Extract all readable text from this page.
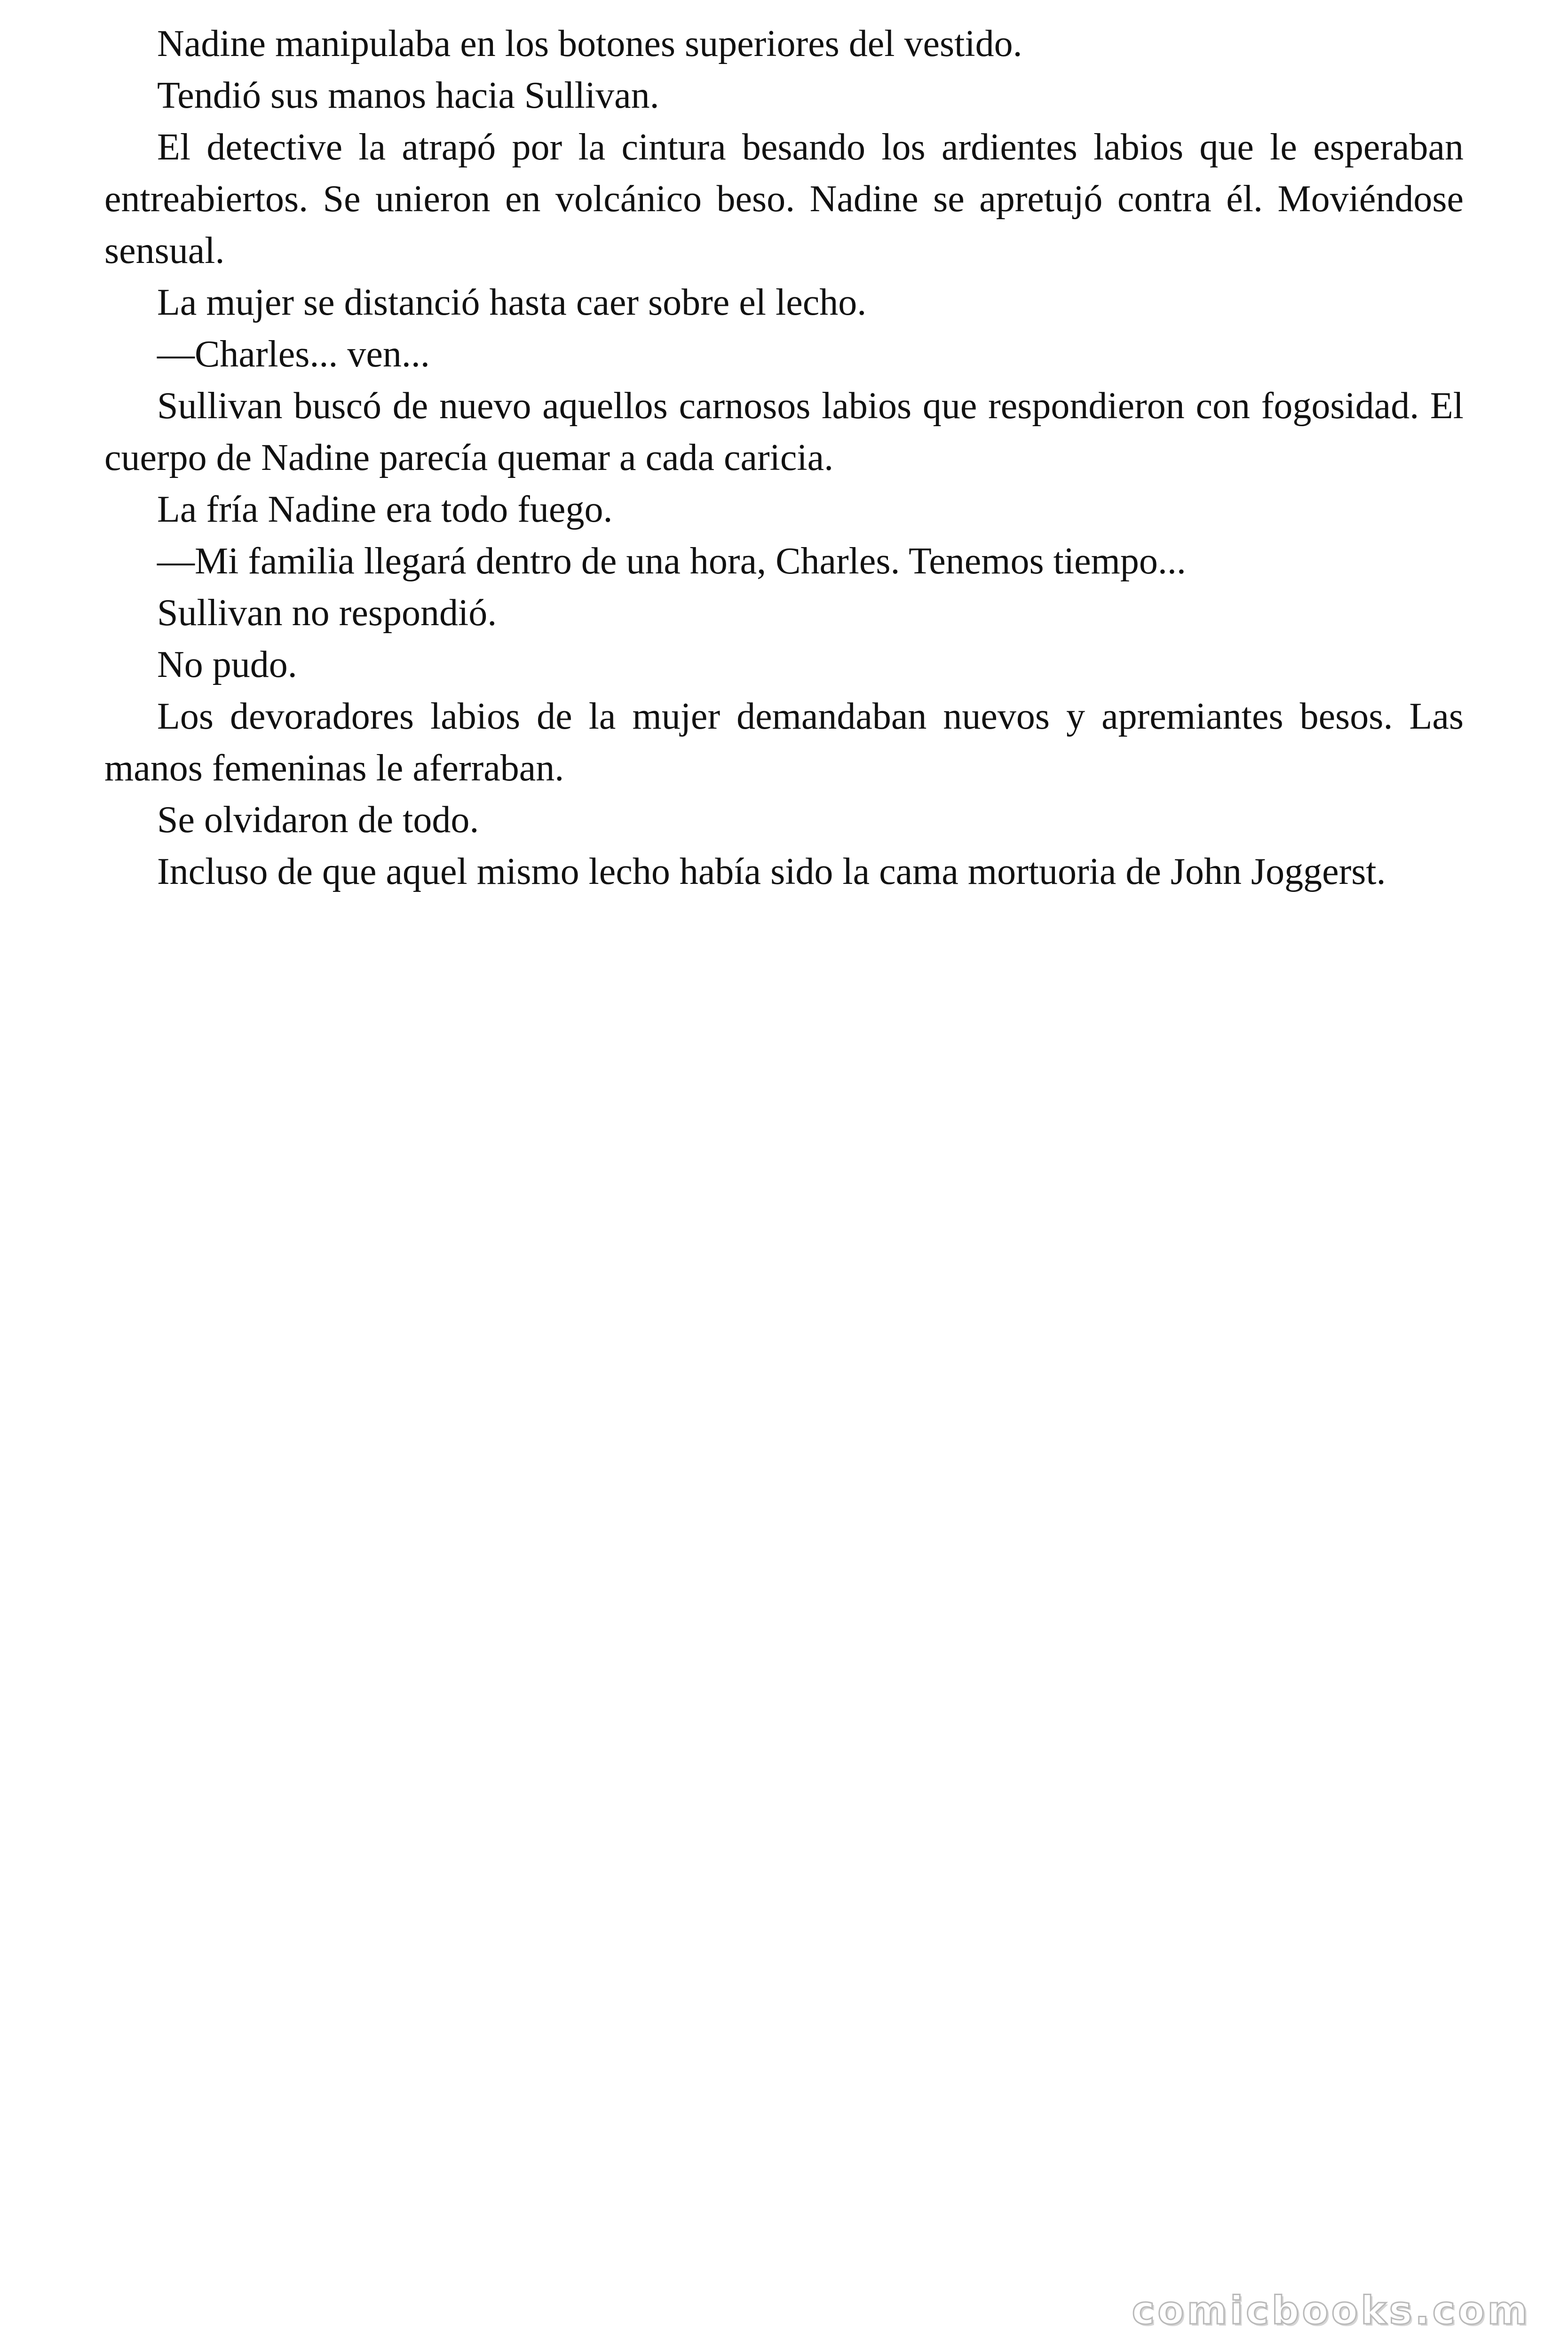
Nadine manipulaba en los botones superiores del vestido.

Tendió sus manos hacia Sullivan.

El detective la atrapó por la cintura besando los ardientes labios que le esperaban entreabiertos. Se unieron en volcánico beso. Nadine se apretujó contra él. Moviéndose sensual.

La mujer se distanció hasta caer sobre el lecho.

—Charles... ven...

Sullivan buscó de nuevo aquellos carnosos labios que respondieron con fogosidad. El cuerpo de Nadine parecía quemar a cada caricia.

La fría Nadine era todo fuego.

—Mi familia llegará dentro de una hora, Charles. Tenemos tiempo...

Sullivan no respondió.

No pudo.

Los devoradores labios de la mujer demandaban nuevos y apremiantes besos. Las manos femeninas le aferraban.

Se olvidaron de todo.

Incluso de que aquel mismo lecho había sido la cama mortuoria de John Joggerst.

comicbooks.com
